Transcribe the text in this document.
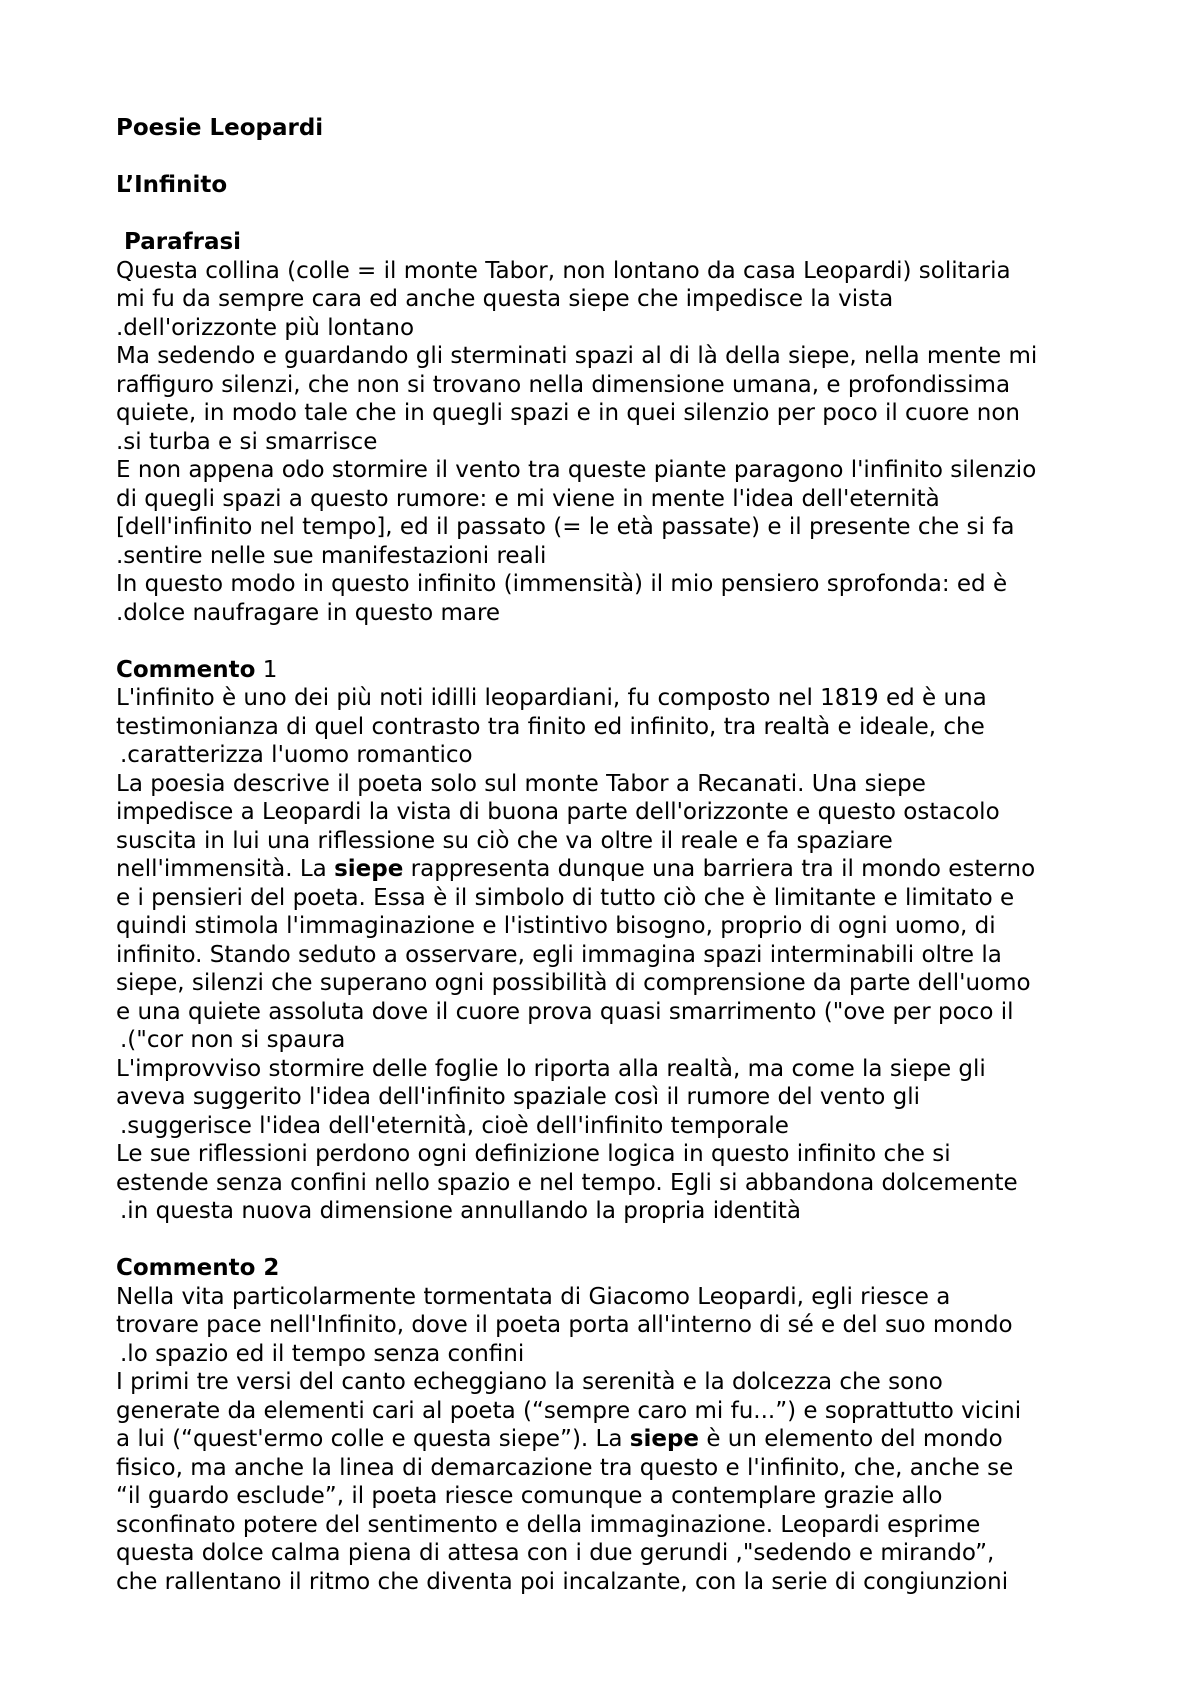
Poesie Leopardi
L’Infinito
Parafrasi
Questa collina (colle = il monte Tabor, non lontano da casa Leopardi) solitaria
mi fu da sempre cara ed anche questa siepe che impedisce la vista
.dell'orizzonte più lontano
Ma sedendo e guardando gli sterminati spazi al di là della siepe, nella mente mi
raffiguro silenzi, che non si trovano nella dimensione umana, e profondissima
quiete, in modo tale che in quegli spazi e in quei silenzio per poco il cuore non
.si turba e si smarrisce
E non appena odo stormire il vento tra queste piante paragono l'infinito silenzio
di quegli spazi a questo rumore: e mi viene in mente l'idea dell'eternità
[dell'infinito nel tempo], ed il passato (= le età passate) e il presente che si fa
.sentire nelle sue manifestazioni reali
In questo modo in questo infinito (immensità) il mio pensiero sprofonda: ed è
.dolce naufragare in questo mare
Commento 1
L'infinito è uno dei più noti idilli leopardiani, fu composto nel 1819 ed è una
testimonianza di quel contrasto tra finito ed infinito, tra realtà e ideale, che
.caratterizza l'uomo romantico
La poesia descrive il poeta solo sul monte Tabor a Recanati. Una siepe
impedisce a Leopardi la vista di buona parte dell'orizzonte e questo ostacolo
suscita in lui una riflessione su ciò che va oltre il reale e fa spaziare
nell'immensità. La siepe rappresenta dunque una barriera tra il mondo esterno
e i pensieri del poeta. Essa è il simbolo di tutto ciò che è limitante e limitato e
quindi stimola l'immaginazione e l'istintivo bisogno, proprio di ogni uomo, di
infinito. Stando seduto a osservare, egli immagina spazi interminabili oltre la
siepe, silenzi che superano ogni possibilità di comprensione da parte dell'uomo
e una quiete assoluta dove il cuore prova quasi smarrimento ("ove per poco il
.("cor non si spaura
L'improvviso stormire delle foglie lo riporta alla realtà, ma come la siepe gli
aveva suggerito l'idea dell'infinito spaziale così il rumore del vento gli
.suggerisce l'idea dell'eternità, cioè dell'infinito temporale
Le sue riflessioni perdono ogni definizione logica in questo infinito che si
estende senza confini nello spazio e nel tempo. Egli si abbandona dolcemente
.in questa nuova dimensione annullando la propria identità
Commento 2
Nella vita particolarmente tormentata di Giacomo Leopardi, egli riesce a
trovare pace nell'Infinito, dove il poeta porta all'interno di sé e del suo mondo
.lo spazio ed il tempo senza confini
I primi tre versi del canto echeggiano la serenità e la dolcezza che sono
generate da elementi cari al poeta (“sempre caro mi fu...”) e soprattutto vicini
a lui (“quest'ermo colle e questa siepe”). La siepe è un elemento del mondo
fisico, ma anche la linea di demarcazione tra questo e l'infinito, che, anche se
“il guardo esclude”, il poeta riesce comunque a contemplare grazie allo
sconfinato potere del sentimento e della immaginazione. Leopardi esprime
questa dolce calma piena di attesa con i due gerundi ,"sedendo e mirando”,
che rallentano il ritmo che diventa poi incalzante, con la serie di congiunzioni
